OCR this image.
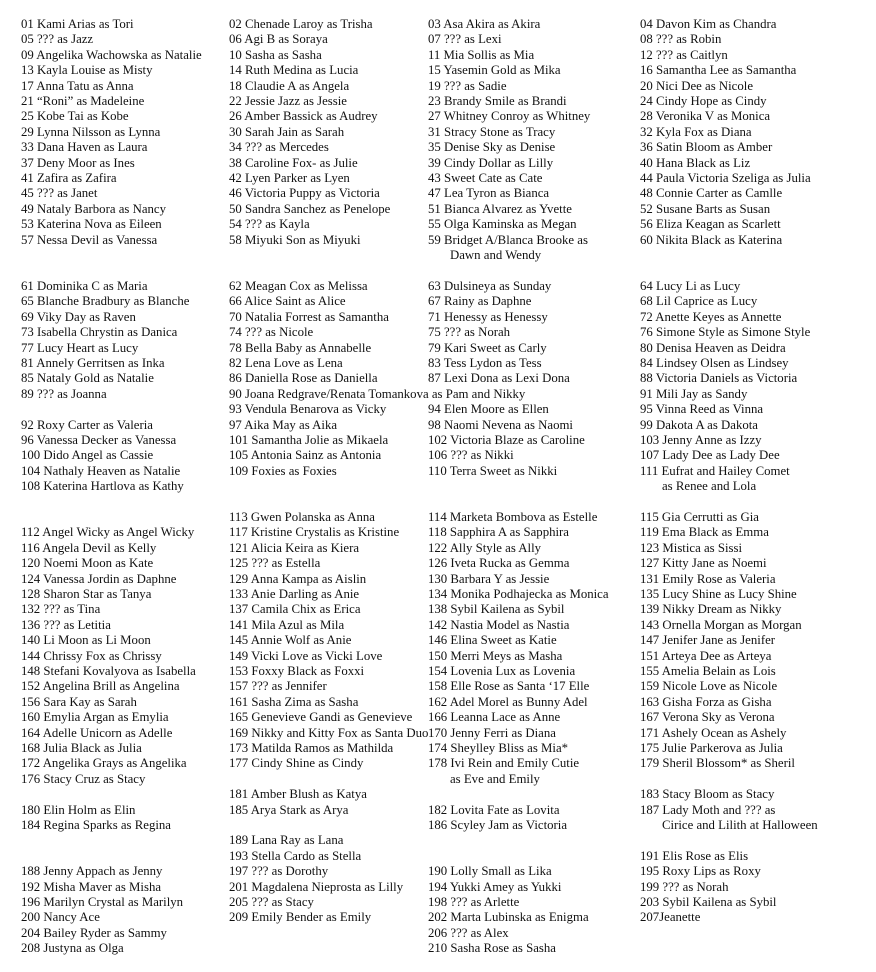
01 Kami Arias as Tori
05 ??? as Jazz
09 Angelika Wachowska as Natalie
13 Kayla Louise as Misty
17 Anna Tatu as Anna
21 “Roni” as Madeleine
25 Kobe Tai as Kobe
29 Lynna Nilsson as Lynna
33 Dana Haven as Laura
37 Deny Moor as Ines
41 Zafira as Zafira
45 ??? as Janet
49 Nataly Barbora as Nancy
53 Katerina Nova as Eileen
57 Nessa Devil as Vanessa
61 Dominika C as Maria
65 Blanche Bradbury as Blanche
69 Viky Day as Raven
73 Isabella Chrystin as Danica
77 Lucy Heart as Lucy
81 Annely Gerritsen as Inka
85 Nataly Gold as Natalie
89 ??? as Joanna
92 Roxy Carter as Valeria
96 Vanessa Decker as Vanessa
100 Dido Angel as Cassie
104 Nathaly Heaven as Natalie
108 Katerina Hartlova as Kathy
112 Angel Wicky as Angel Wicky
116 Angela Devil as Kelly
120 Noemi Moon as Kate
124 Vanessa Jordin as Daphne
128 Sharon Star as Tanya
132 ??? as Tina
136 ??? as Letitia
140 Li Moon as Li Moon
144 Chrissy Fox as Chrissy
148 Stefani Kovalyova as Isabella
152 Angelina Brill as Angelina
156 Sara Kay as Sarah
160 Emylia Argan as Emylia
164 Adelle Unicorn as Adelle
168 Julia Black as Julia
172 Angelika Grays as Angelika
176 Stacy Cruz as Stacy
180 Elin Holm as Elin
184 Regina Sparks as Regina
188 Jenny Appach as Jenny
192 Misha Maver as Misha
196 Marilyn Crystal as Marilyn
200 Nancy Ace
204 Bailey Ryder as Sammy
208 Justyna as Olga
02 Chenade Laroy as Trisha
06 Agi B as Soraya
10 Sasha as Sasha
14 Ruth Medina as Lucia
18 Claudie A as Angela
22 Jessie Jazz as Jessie
26 Amber Bassick as Audrey
30 Sarah Jain as Sarah
34 ??? as Mercedes
38 Caroline Fox- as Julie
42 Lyen Parker as Lyen
46 Victoria Puppy as Victoria
50 Sandra Sanchez as Penelope
54 ??? as Kayla
58 Miyuki Son as Miyuki
62 Meagan Cox as Melissa
66 Alice Saint as Alice
70 Natalia Forrest as Samantha
74 ??? as Nicole
78 Bella Baby as Annabelle
82 Lena Love as Lena
86 Daniella Rose as Daniella
90 Joana Redgrave/Renata Tomankova as Pam and Nikky
93 Vendula Benarova as Vicky
97 Aika May as Aika
101 Samantha Jolie as Mikaela
105 Antonia Sainz as Antonia
109 Foxies as Foxies
113 Gwen Polanska as Anna
117 Kristine Crystalis as Kristine
121 Alicia Keira as Kiera
125 ??? as Estella
129 Anna Kampa as Aislin
133 Anie Darling as Anie
137 Camila Chix as Erica
141 Mila Azul as Mila
145 Annie Wolf as Anie
149 Vicki Love as Vicki Love
153 Foxxy Black as Foxxi
157 ??? as Jennifer
161 Sasha Zima as Sasha
165 Genevieve Gandi as Genevieve
169 Nikky and Kitty Fox as Santa Duo
173 Matilda Ramos as Mathilda
177 Cindy Shine as Cindy
181 Amber Blush as Katya
185 Arya Stark as Arya
189 Lana Ray as Lana
193 Stella Cardo as Stella
197 ??? as Dorothy
201 Magdalena Nieprosta as Lilly
205 ??? as Stacy
209 Emily Bender as Emily
03 Asa Akira as Akira
07 ??? as Lexi
11 Mia Sollis as Mia
15 Yasemin Gold as Mika
19 ??? as Sadie
23 Brandy Smile as Brandi
27 Whitney Conroy as Whitney
31 Stracy Stone as Tracy
35 Denise Sky as Denise
39 Cindy Dollar as Lilly
43 Sweet Cate as Cate
47 Lea Tyron as Bianca
51 Bianca Alvarez as Yvette
55 Olga Kaminska as Megan
59 Bridget A/Blanca Brooke as
Dawn and Wendy
63 Dulsineya as Sunday
67 Rainy as Daphne
71 Henessy as Henessy
75 ??? as Norah
79 Kari Sweet as Carly
83 Tess Lydon as Tess
87 Lexi Dona as Lexi Dona
94 Elen Moore as Ellen
98 Naomi Nevena as Naomi
102 Victoria Blaze as Caroline
106 ??? as Nikki
110 Terra Sweet as Nikki
114 Marketa Bombova as Estelle
118 Sapphira A as Sapphira
122 Ally Style as Ally
126 Iveta Rucka as Gemma
130 Barbara Y as Jessie
134 Monika Podhajecka as Monica
138 Sybil Kailena as Sybil
142 Nastia Model as Nastia
146 Elina Sweet as Katie
150 Merri Meys as Masha
154 Lovenia Lux as Lovenia
158 Elle Rose as Santa ‘17 Elle
162 Adel Morel as Bunny Adel
166 Leanna Lace as Anne
170 Jenny Ferri as Diana
174 Sheylley Bliss as Mia*
178 Ivi Rein and Emily Cutie
as Eve and Emily
182 Lovita Fate as Lovita
186 Scyley Jam as Victoria
190 Lolly Small as Lika
194 Yukki Amey as Yukki
198 ??? as Arlette
202 Marta Lubinska as Enigma
206 ??? as Alex
210 Sasha Rose as Sasha
04 Davon Kim as Chandra
08 ??? as Robin
12 ??? as Caitlyn
16 Samantha Lee as Samantha
20 Nici Dee as Nicole
24 Cindy Hope as Cindy
28 Veronika V as Monica
32 Kyla Fox as Diana
36 Satin Bloom as Amber
40 Hana Black as Liz
44 Paula Victoria Szeliga as Julia
48 Connie Carter as Camlle
52 Susane Barts as Susan
56 Eliza Keagan as Scarlett
60 Nikita Black as Katerina
64 Lucy Li as Lucy
68 Lil Caprice as Lucy
72 Anette Keyes as Annette
76 Simone Style as Simone Style
80 Denisa Heaven as Deidra
84 Lindsey Olsen as Lindsey
88 Victoria Daniels as Victoria
91 Mili Jay as Sandy
95 Vinna Reed as Vinna
99 Dakota A as Dakota
103 Jenny Anne as Izzy
107 Lady Dee as Lady Dee
111 Eufrat and Hailey Comet
as Renee and Lola
115 Gia Cerrutti as Gia
119 Ema Black as Emma
123 Mistica as Sissi
127 Kitty Jane as Noemi
131 Emily Rose as Valeria
135 Lucy Shine as Lucy Shine
139 Nikky Dream as Nikky
143 Ornella Morgan as Morgan
147 Jenifer Jane as Jenifer
151 Arteya Dee as Arteya
155 Amelia Belain as Lois
159 Nicole Love as Nicole
163 Gisha Forza as Gisha
167 Verona Sky as Verona
171 Ashely Ocean as Ashely
175 Julie Parkerova as Julia
179 Sheril Blossom* as Sheril
183 Stacy Bloom as Stacy
187 Lady Moth and ??? as
Cirice and Lilith at Halloween
191 Elis Rose as Elis
195 Roxy Lips as Roxy
199 ??? as Norah
203 Sybil Kailena as Sybil
207Jeanette
